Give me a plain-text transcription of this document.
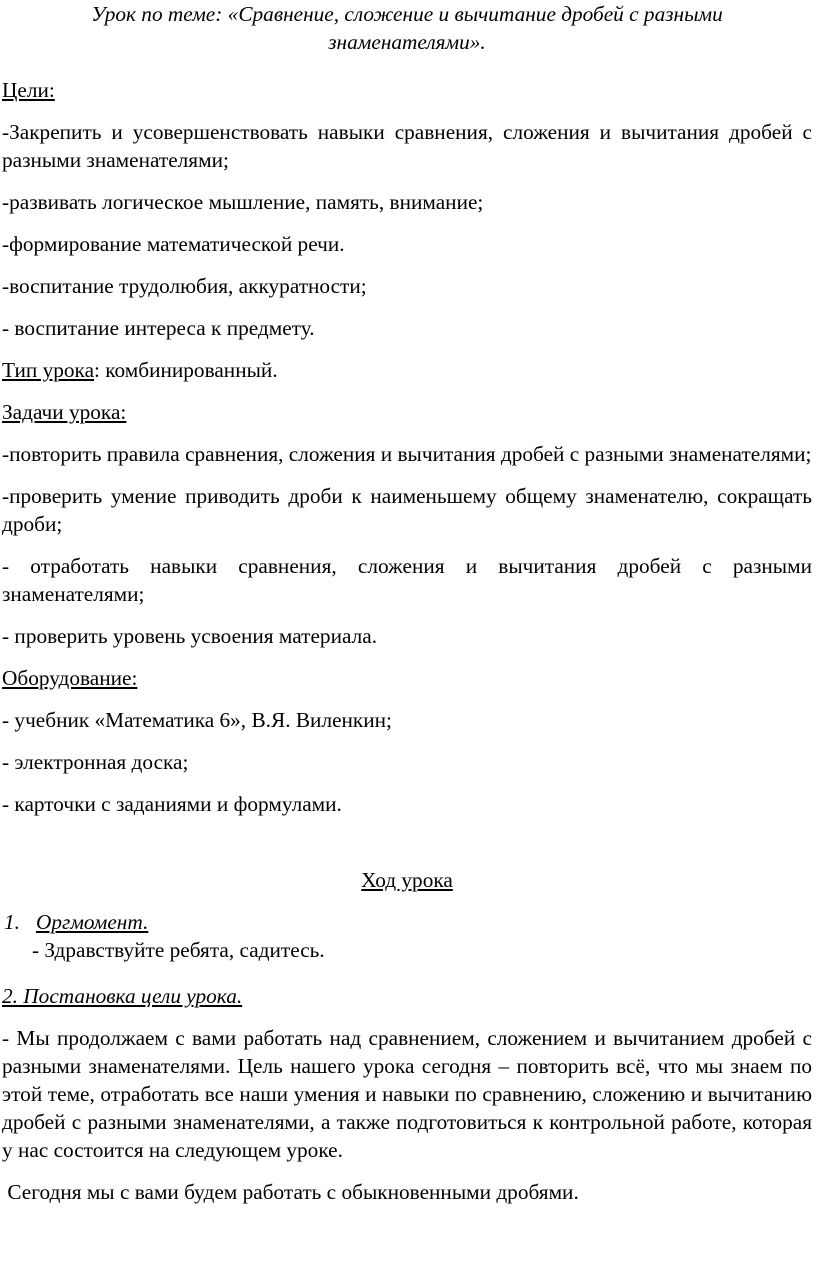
Урок по теме: «Сравнение, сложение и вычитание дробей с разными знаменателями».

Цели:

-Закрепить и усовершенствовать навыки сравнения, сложения и вычитания дробей с разными знаменателями;

-развивать логическое мышление, память, внимание;

-формирование математической речи.

-воспитание трудолюбия, аккуратности;

- воспитание интереса к предмету.

Тип урока: комбинированный.

Задачи урока:

-повторить правила сравнения, сложения и вычитания дробей с разными знаменателями;

-проверить умение приводить дроби к наименьшему общему знаменателю, сокращать дроби;

- отработать навыки сравнения, сложения и вычитания дробей с разными знаменателями;

- проверить уровень усвоения материала.

Оборудование:

- учебник «Математика 6», В.Я. Виленкин;

- электронная доска;

- карточки с заданиями и формулами.

Ход урока

1. Оргмомент.

- Здравствуйте ребята, садитесь.

2. Постановка цели урока.

- Мы продолжаем с вами работать над сравнением, сложением и вычитанием дробей с разными знаменателями. Цель нашего урока сегодня – повторить всё, что мы знаем по этой теме, отработать все наши умения и навыки по сравнению, сложению и вычитанию дробей с разными знаменателями, а также подготовиться к контрольной работе, которая у нас состоится на следующем уроке.

Сегодня мы с вами будем работать с обыкновенными дробями.
